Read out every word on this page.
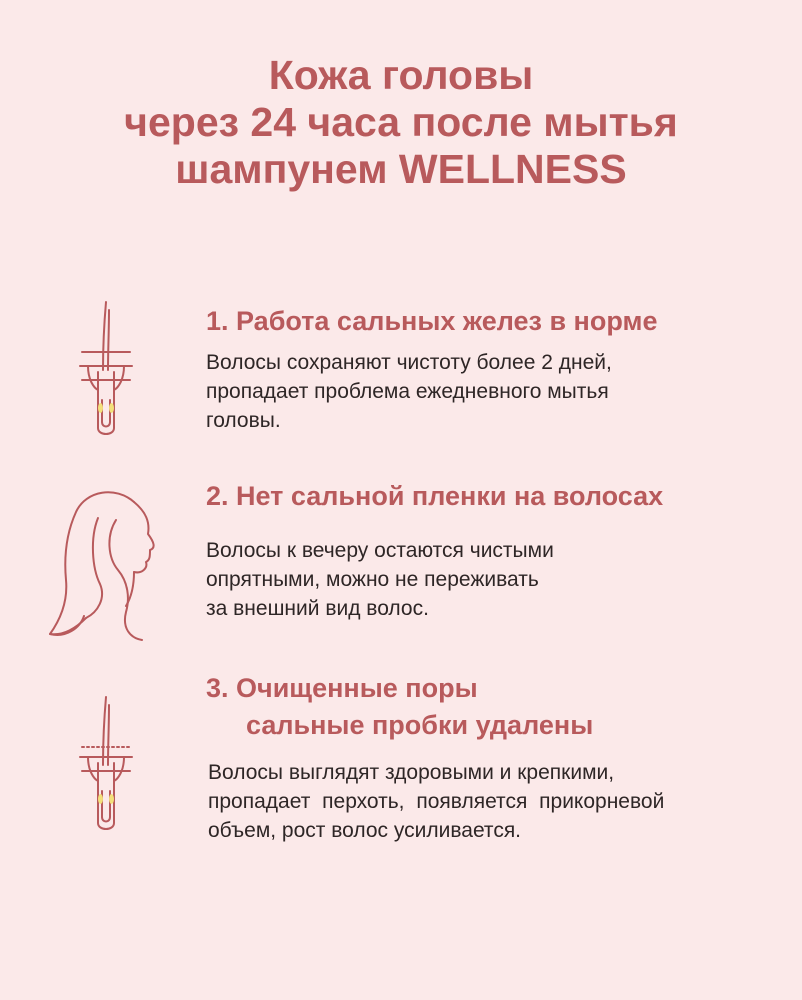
Кожа головы
через 24 часа после мытья
шампунем WELLNESS
1. Работа сальных желез в норме
Волосы сохраняют чистоту более 2 дней,
пропадает проблема ежедневного мытья
головы.
2. Нет сальной пленки на волосах
Волосы к вечеру остаются чистыми
опрятными, можно не переживать
за внешний вид волос.
3. Очищенные поры
сальные пробки удалены
Волосы выглядят здоровыми и крепкими,
пропадает перхоть, появляется прикорневой
объем, рост волос усиливается.
